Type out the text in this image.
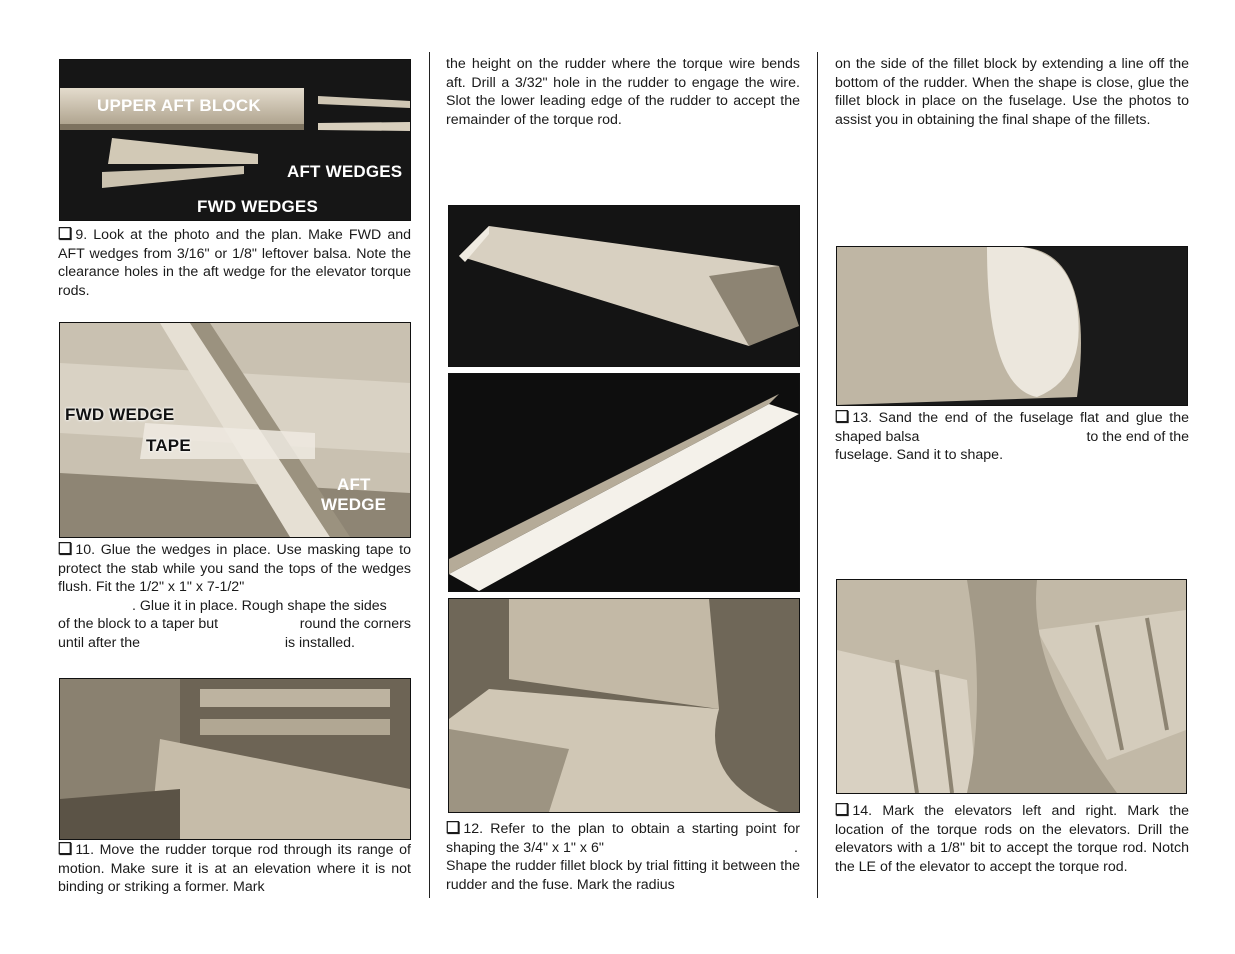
UPPER AFT BLOCK
AFT WEDGES
FWD WEDGES

❏ 9. Look at the photo and the plan. Make FWD and AFT wedges from 3/16" or 1/8" leftover balsa. Note the clearance holes in the aft wedge for the elevator torque rods.

FWD WEDGE
TAPE
AFT
WEDGE

❏ 10. Glue the wedges in place. Use masking tape to protect the stab while you sand the tops of the wedges flush. Fit the 1/2" x 1" x 7-1/2"

. Glue it in place. Rough shape the sides

of the block to a taper but	round the corners

until after the	is installed.

❏ 11. Move the rudder torque rod through its range of motion. Make sure it is at an elevation where it is not binding or striking a former. Mark

the height on the rudder where the torque wire bends aft. Drill a 3/32" hole in the rudder to engage the wire. Slot the lower leading edge of the rudder to accept the remainder of the torque rod.

❏ 12. Refer to the plan to obtain a starting point for shaping the 3/4" x 1" x 6"	.

Shape the rudder fillet block by trial fitting it between the rudder and the fuse. Mark the radius

on the side of the fillet block by extending a line off the bottom of the rudder. When the shape is close, glue the fillet block in place on the fuselage. Use the photos to assist you in obtaining the final shape of the fillets.

❏ 13. Sand the end of the fuselage flat and glue the shaped balsa	to the end of the

fuselage. Sand it to shape.

❏ 14. Mark the elevators left and right. Mark the location of the torque rods on the elevators. Drill the elevators with a 1/8" bit to accept the torque rod. Notch the LE of the elevator to accept the torque rod.
